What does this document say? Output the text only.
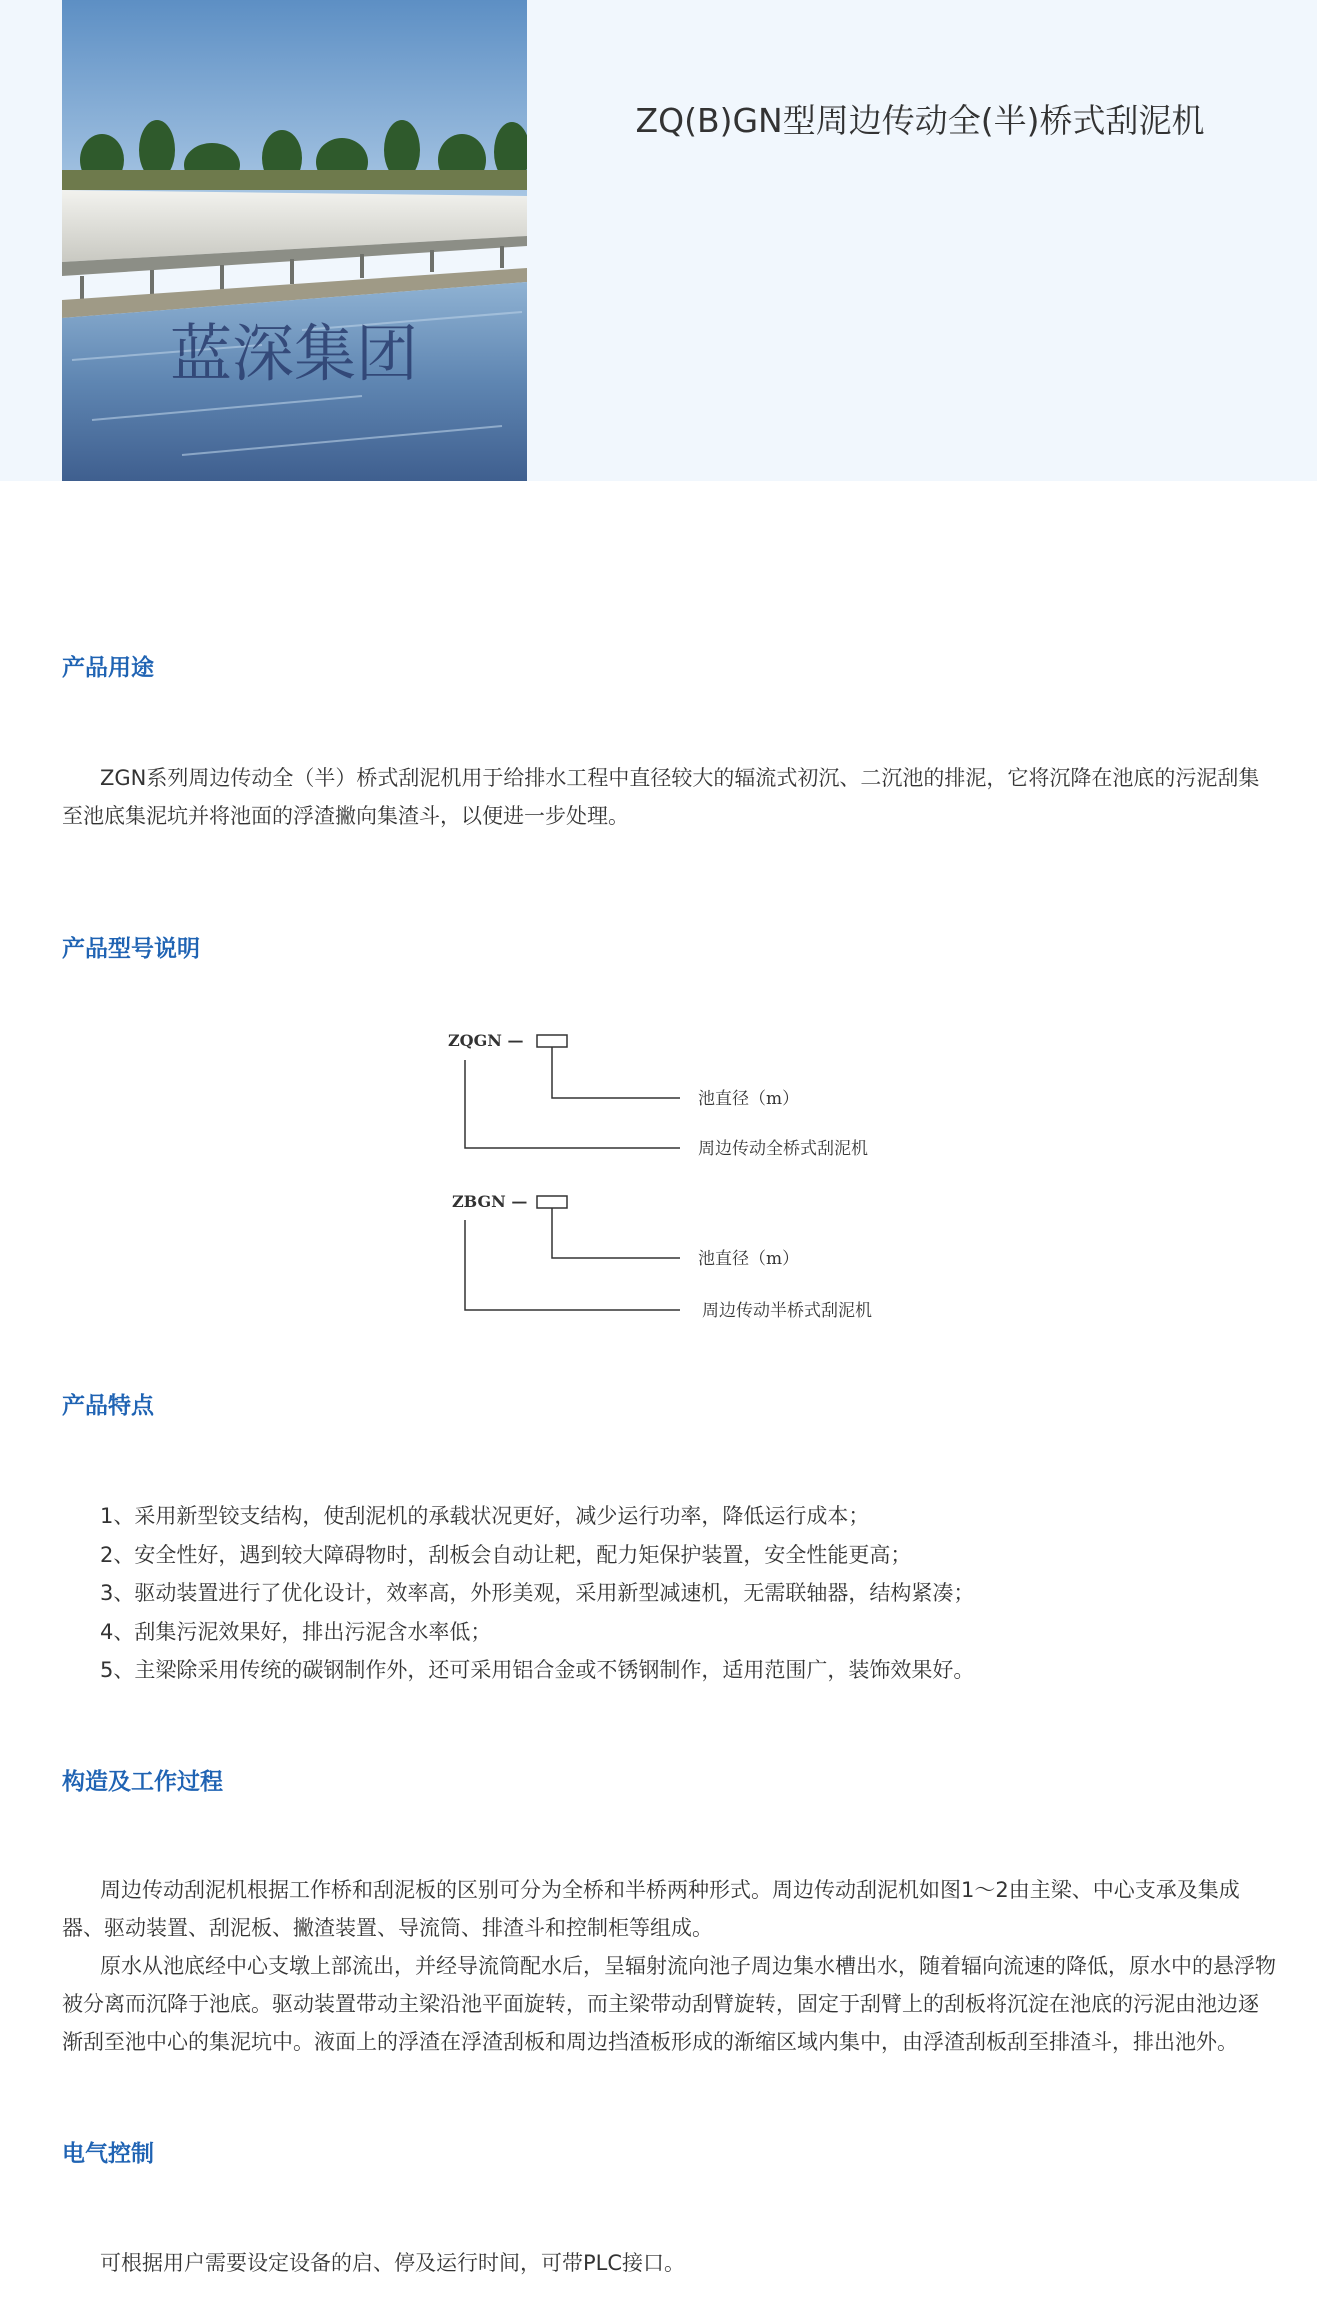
蓝深集团
ZQ(B)GN型周边传动全(半)桥式刮泥机
产品用途

ZGN系列周边传动全（半）桥式刮泥机用于给排水工程中直径较大的辐流式初沉、二沉池的排泥，它将沉降在池底的污泥刮集至池底集泥坑并将池面的浮渣撇向集渣斗，以便进一步处理。

产品型号说明
ZQGN —
池直径（m）
周边传动全桥式刮泥机
ZBGN —
池直径（m）
周边传动半桥式刮泥机
产品特点
1、采用新型铰支结构，使刮泥机的承载状况更好，减少运行功率，降低运行成本；
2、安全性好，遇到较大障碍物时，刮板会自动让耙，配力矩保护装置，安全性能更高；
3、驱动装置进行了优化设计，效率高，外形美观，采用新型减速机，无需联轴器，结构紧凑；
4、刮集污泥效果好，排出污泥含水率低；
5、主梁除采用传统的碳钢制作外，还可采用铝合金或不锈钢制作，适用范围广，装饰效果好。
构造及工作过程

周边传动刮泥机根据工作桥和刮泥板的区别可分为全桥和半桥两种形式。周边传动刮泥机如图1～2由主梁、中心支承及集成器、驱动装置、刮泥板、撇渣装置、导流筒、排渣斗和控制柜等组成。

原水从池底经中心支墩上部流出，并经导流筒配水后，呈辐射流向池子周边集水槽出水，随着辐向流速的降低，原水中的悬浮物被分离而沉降于池底。驱动装置带动主梁沿池平面旋转，而主梁带动刮臂旋转，固定于刮臂上的刮板将沉淀在池底的污泥由池边逐渐刮至池中心的集泥坑中。液面上的浮渣在浮渣刮板和周边挡渣板形成的渐缩区域内集中，由浮渣刮板刮至排渣斗，排出池外。

电气控制

可根据用户需要设定设备的启、停及运行时间，可带PLC接口。
